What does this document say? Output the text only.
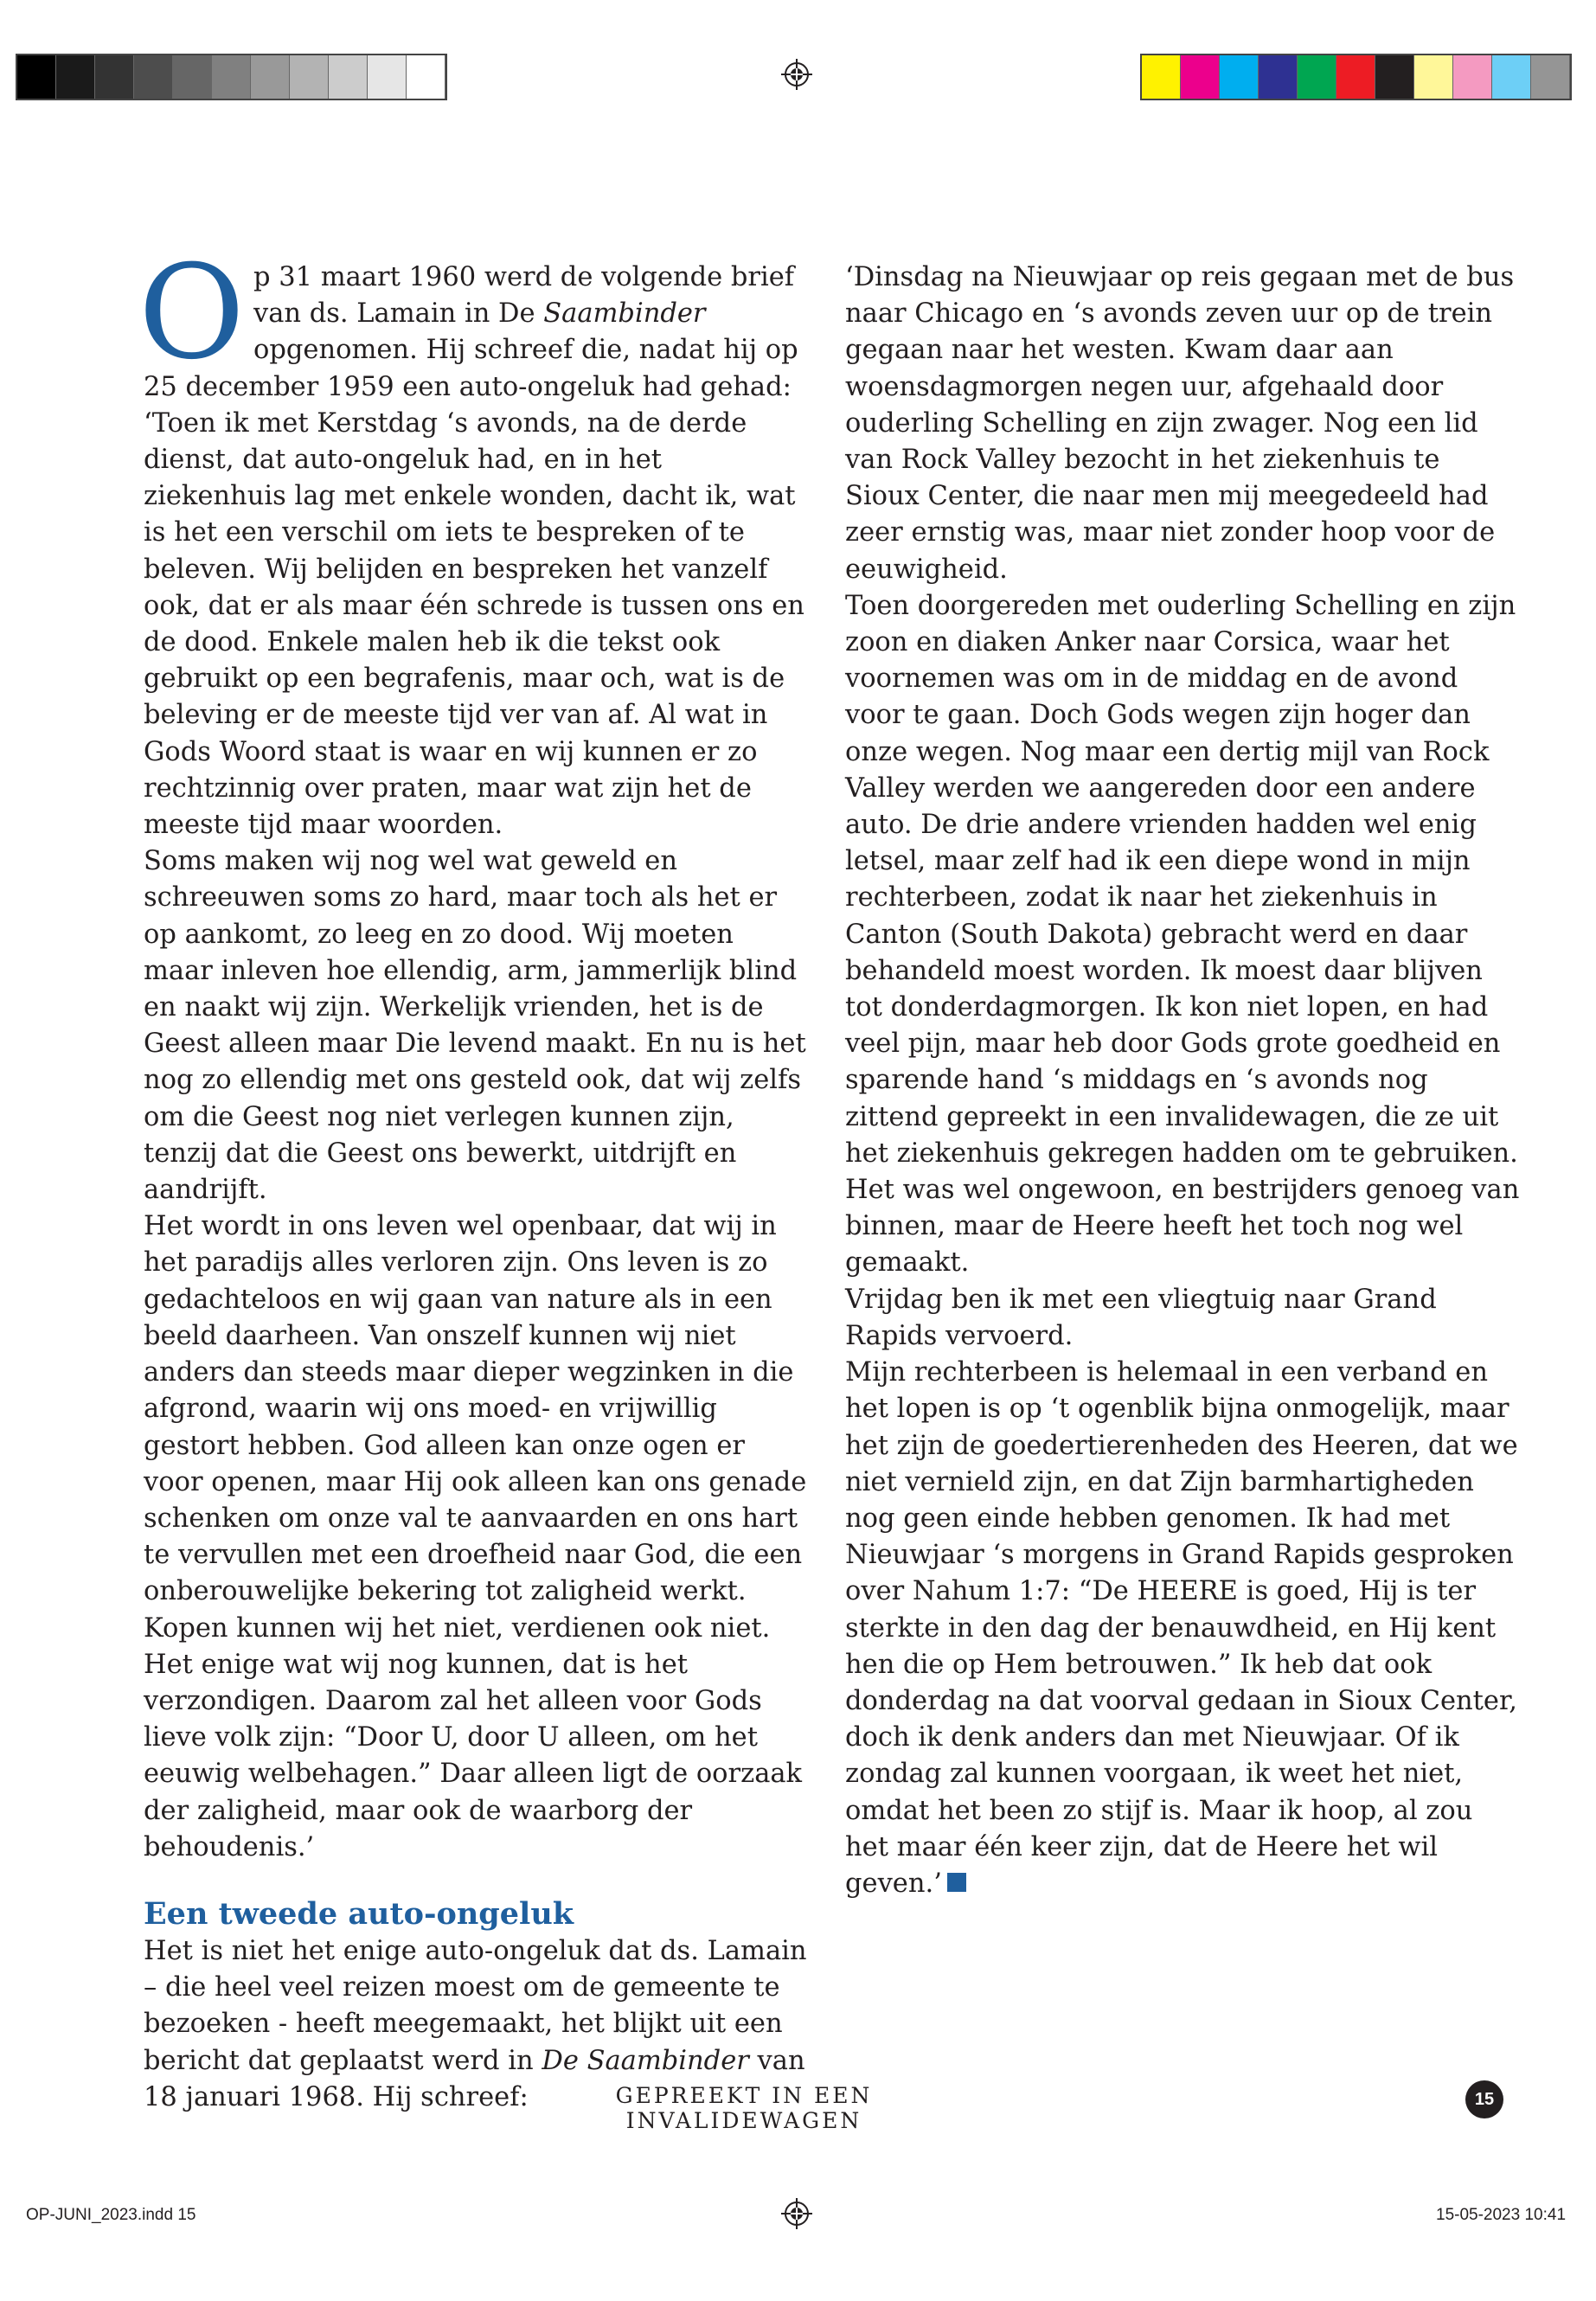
Op 31 maart 1960 werd de volgende brief van ds. Lamain in De Saambinder opgenomen. Hij schreef die, nadat hij op 25 december 1959 een auto-ongeluk had gehad:

‘Toen ik met Kerstdag ‘s avonds, na de derde dienst, dat auto-ongeluk had, en in het ziekenhuis lag met enkele wonden, dacht ik, wat is het een verschil om iets te bespreken of te beleven. Wij belijden en bespreken het vanzelf ook, dat er als maar één schrede is tussen ons en de dood. Enkele malen heb ik die tekst ook gebruikt op een begrafenis, maar och, wat is de beleving er de meeste tijd ver van af. Al wat in Gods Woord staat is waar en wij kunnen er zo rechtzinnig over praten, maar wat zijn het de meeste tijd maar woorden.

Soms maken wij nog wel wat geweld en schreeuwen soms zo hard, maar toch als het er op aankomt, zo leeg en zo dood. Wij moeten maar inleven hoe ellendig, arm, jammerlijk blind en naakt wij zijn. Werkelijk vrienden, het is de Geest alleen maar Die levend maakt. En nu is het nog zo ellendig met ons gesteld ook, dat wij zelfs om die Geest nog niet verlegen kunnen zijn, tenzij dat die Geest ons bewerkt, uitdrijft en aandrijft.

Het wordt in ons leven wel openbaar, dat wij in het paradijs alles verloren zijn. Ons leven is zo gedachteloos en wij gaan van nature als in een beeld daarheen. Van onszelf kunnen wij niet anders dan steeds maar dieper wegzinken in die afgrond, waarin wij ons moed- en vrijwillig gestort hebben. God alleen kan onze ogen er voor openen, maar Hij ook alleen kan ons genade schenken om onze val te aanvaarden en ons hart te vervullen met een droefheid naar God, die een onberouwelijke bekering tot zaligheid werkt. Kopen kunnen wij het niet, verdienen ook niet. Het enige wat wij nog kunnen, dat is het verzondigen. Daarom zal het alleen voor Gods lieve volk zijn: “Door U, door U alleen, om het eeuwig welbehagen.” Daar alleen ligt de oorzaak der zaligheid, maar ook de waarborg der behoudenis.’

Een tweede auto-ongeluk

Het is niet het enige auto-ongeluk dat ds. Lamain – die heel veel reizen moest om de gemeente te bezoeken - heeft meegemaakt, het blijkt uit een bericht dat geplaatst werd in De Saambinder van 18 januari 1968. Hij schreef:

‘Dinsdag na Nieuwjaar op reis gegaan met de bus naar Chicago en ‘s avonds zeven uur op de trein gegaan naar het westen. Kwam daar aan woensdagmorgen negen uur, afgehaald door ouderling Schelling en zijn zwager. Nog een lid van Rock Valley bezocht in het ziekenhuis te Sioux Center, die naar men mij meegedeeld had zeer ernstig was, maar niet zonder hoop voor de eeuwigheid.

Toen doorgereden met ouderling Schelling en zijn zoon en diaken Anker naar Corsica, waar het voornemen was om in de middag en de avond voor te gaan. Doch Gods wegen zijn hoger dan onze wegen. Nog maar een dertig mijl van Rock Valley werden we aangereden door een andere auto. De drie andere vrienden hadden wel enig letsel, maar zelf had ik een diepe wond in mijn rechterbeen, zodat ik naar het ziekenhuis in Canton (South Dakota) gebracht werd en daar behandeld moest worden. Ik moest daar blijven tot donderdagmorgen. Ik kon niet lopen, en had veel pijn, maar heb door Gods grote goedheid en sparende hand ‘s middags en ‘s avonds nog zittend gepreekt in een invalidewagen, die ze uit het ziekenhuis gekregen hadden om te gebruiken. Het was wel ongewoon, en bestrijders genoeg van binnen, maar de Heere heeft het toch nog wel gemaakt.

Vrijdag ben ik met een vliegtuig naar Grand Rapids vervoerd.

Mijn rechterbeen is helemaal in een verband en het lopen is op ‘t ogenblik bijna onmogelijk, maar het zijn de goedertierenheden des Heeren, dat we niet vernield zijn, en dat Zijn barmhartigheden nog geen einde hebben genomen. Ik had met Nieuwjaar ‘s morgens in Grand Rapids gesproken over Nahum 1:7: “De HEERE is goed, Hij is ter sterkte in den dag der benauwdheid, en Hij kent hen die op Hem betrouwen.” Ik heb dat ook donderdag na dat voorval gedaan in Sioux Center, doch ik denk anders dan met Nieuwjaar. Of ik zondag zal kunnen voorgaan, ik weet het niet, omdat het been zo stijf is. Maar ik hoop, al zou het maar één keer zijn, dat de Heere het wil geven.’

GEPREEKT IN EEN INVALIDEWAGEN
15
OP-JUNI_2023.indd 15	15-05-2023 10:41
